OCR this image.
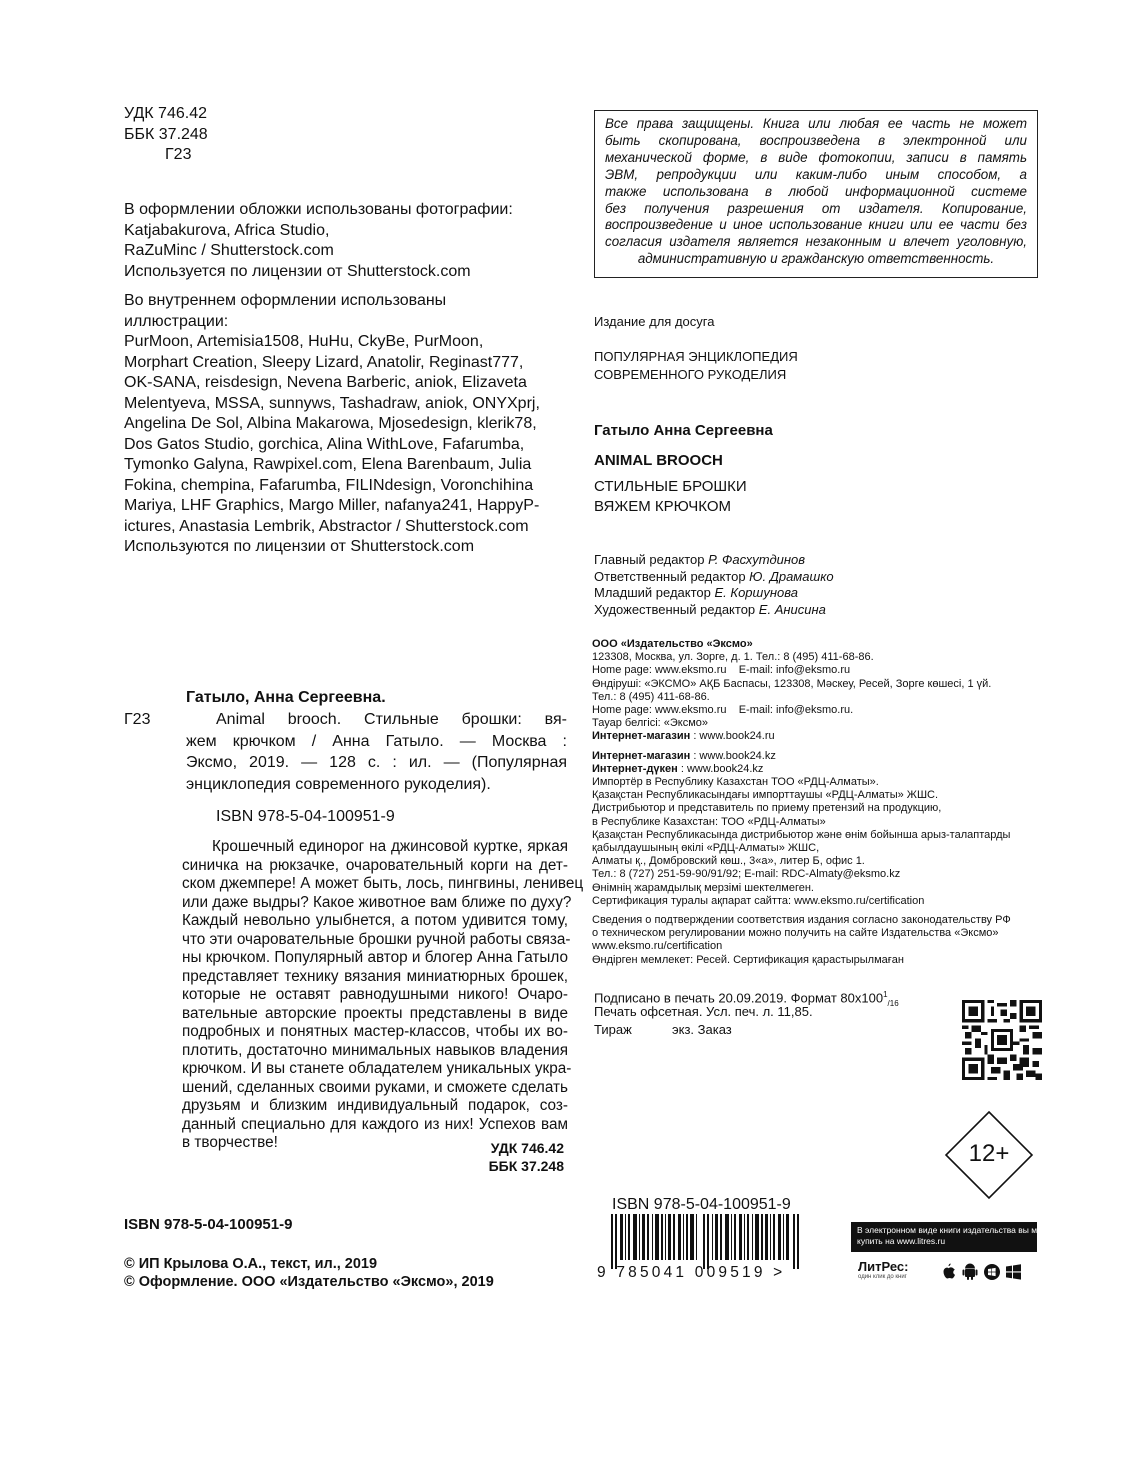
УДК 746.42
ББК 37.248
Г23
В оформлении обложки использованы фотографии:
Katjabakurova, Africa Studio,
RaZuMinc / Shutterstock.com
Используется по лицензии от Shutterstock.com
Во внутреннем оформлении использованы
иллюстрации:
PurMoon, Artemisia1508, HuHu, CkyBe, PurMoon,
Morphart Creation, Sleepy Lizard, Anatolir, Reginast777,
OK-SANA, reisdesign, Nevena Barberic, aniok, Elizaveta
Melentyeva, MSSA, sunnyws, Tashadraw, aniok, ONYXprj,
Angelina De Sol, Albina Makarowa, Mjosedesign, klerik78,
Dos Gatos Studio, gorchica, Alina WithLove, Fafarumba,
Tymonko Galyna, Rawpixel.com, Elena Barenbaum, Julia
Fokina, chempina, Fafarumba, FILINdesign, Voronchihina
Mariya, LHF Graphics, Margo Miller, nafanya241, HappyP-
ictures, Anastasia Lembrik, Abstractor / Shutterstock.com
Используются по лицензии от Shutterstock.com

Все права защищены. Книга или любая ее часть не может

быть скопирована, воспроизведена в электронной или

механической форме, в виде фотокопии, записи в память

ЭВМ, репродукции или каким-либо иным способом, а

также использована в любой информационной системе

без получения разрешения от издателя. Копирование,

воспроизведение и иное использование книги или ее части без

согласия издателя является незаконным и влечет уголовную,

административную и гражданскую ответственность.

Издание для досуга
ПОПУЛЯРНАЯ ЭНЦИКЛОПЕДИЯ
СОВРЕМЕННОГО РУКОДЕЛИЯ
Гатыло Анна Сергеевна
ANIMAL BROOCH
СТИЛЬНЫЕ БРОШКИ
ВЯЖЕМ КРЮЧКОМ
Главный редактор Р. Фасхутдинов
Ответственный редактор Ю. Драмашко
Младший редактор Е. Коршунова
Художественный редактор Е. Анисина
ООО «Издательство «Эксмо»
123308, Москва, ул. Зорге, д. 1. Тел.: 8 (495) 411-68-86.
Home page: www.eksmo.ru    E-mail: info@eksmo.ru
Өндіруші: «ЭКСМО» АҚБ Баспасы, 123308, Мәскеу, Ресей, Зорге көшесі, 1 үй.
Тел.: 8 (495) 411-68-86.
Home page: www.eksmo.ru    E-mail: info@eksmo.ru.
Тауар белгісі: «Эксмо»
Интернет-магазин : www.book24.ru
Интернет-магазин : www.book24.kz
Интернет-дүкен : www.book24.kz
Импортёр в Республику Казахстан ТОО «РДЦ-Алматы».
Қазақстан Республикасындағы импорттаушы «РДЦ-Алматы» ЖШС.
Дистрибьютор и представитель по приему претензий на продукцию,
в Республике Казахстан: ТОО «РДЦ-Алматы»
Қазақстан Республикасында дистрибьютор және өнім бойынша арыз-талаптарды
қабылдаушының өкілі «РДЦ-Алматы» ЖШС,
Алматы қ., Домбровский көш., 3«а», литер Б, офис 1.
Тел.: 8 (727) 251-59-90/91/92; E-mail: RDC-Almaty@eksmo.kz
Өнімнің жарамдылық мерзімі шектелмеген.
Сертификация туралы ақпарат сайтта: www.eksmo.ru/certification
Сведения о подтверждении соответствия издания согласно законодательству РФ
о техническом регулировании можно получить на сайте Издательства «Эксмо»
www.eksmo.ru/certification
Өндірген мемлекет: Ресей. Сертификация қарастырылмаған
Подписано в печать 20.09.2019. Формат $80x100^1_{/16}$
Печать офсетная. Усл. печ. л. 11,85.
Тираж	экз. Заказ
12+
Г23
Гатыло, Анна Сергеевна.

Animal brooch. Стильные брошки: вя-

жем крючком / Анна Гатыло. — Москва :

Эксмо, 2019. — 128 с. : ил. — (Популярная

энциклопедия современного рукоделия).

ISBN 978-5-04-100951-9

Крошечный единорог на джинсовой куртке, яркая

синичка на рюкзачке, очаровательный корги на дет-

ском джемпере! А может быть, лось, пингвины, ленивец

или даже выдры? Какое животное вам ближе по духу?

Каждый невольно улыбнется, а потом удивится тому,

что эти очаровательные брошки ручной работы связа-

ны крючком. Популярный автор и блогер Анна Гатыло

представляет технику вязания миниатюрных брошек,

которые не оставят равнодушными никого! Очаро-

вательные авторские проекты представлены в виде

подробных и понятных мастер-классов, чтобы их во-

плотить, достаточно минимальных навыков владения

крючком. И вы станете обладателем уникальных укра-

шений, сделанных своими руками, и сможете сделать

друзьям и близким индивидуальный подарок, соз-

данный специально для каждого из них! Успехов вам

в творчестве!	УДК 746.42
ББК 37.248
ISBN 978-5-04-100951-9
© ИП Крылова О.А., текст, ил., 2019
© Оформление. ООО «Издательство «Эксмо», 2019
ISBN 978-5-04-100951-9
9 785041 009519 >
В электронном виде книги издательства вы можете
купить на www.litres.ru
ЛитРес:
один клик до книг
